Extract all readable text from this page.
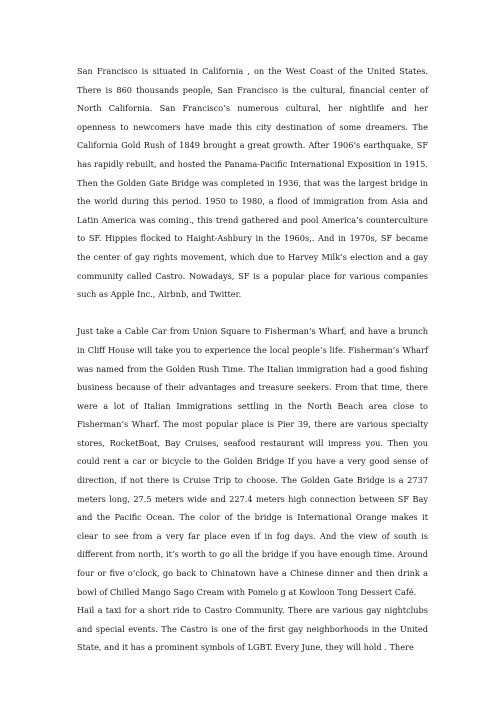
San Francisco is situated in California , on the West Coast of the United States. There is 860 thousands people, San Francisco is the cultural, financial center of North California. San Francisco’s numerous cultural, her nightlife and her openness to newcomers have made this city destination of some dreamers. The California Gold Rush of 1849 brought a great growth. After 1906’s earthquake, SF has rapidly rebuilt, and hosted the Panama-Pacific International Exposition in 1915. Then the Golden Gate Bridge was completed in 1936, that was the largest bridge in the world during this period. 1950 to 1980, a flood of immigration from Asia and Latin America was coming., this trend gathered and pool America’s counterculture to SF. Hippies flocked to Haight-Ashbury in the 1960s,. And in 1970s, SF became the center of gay rights movement, which due to Harvey Milk’s election and a gay community called Castro. Nowadays, SF is a popular place for various companies such as Apple Inc., Airbnb, and Twitter.

Just take a Cable Car from Union Square to Fisherman’s Wharf, and have a brunch in Cliff House will take you to experience the local people’s life. Fisherman’s Wharf was named from the Golden Rush Time. The Italian immigration had a good fishing business because of their advantages and treasure seekers. From that time, there were a lot of Italian Immigrations settling in the North Beach area close to Fisherman’s Wharf. The most popular place is Pier 39, there are various specialty stores, RocketBoat, Bay Cruises, seafood restaurant will impress you. Then you could rent a car or bicycle to the Golden Bridge If you have a very good sense of direction, if not there is Cruise Trip to choose. The Golden Gate Bridge is a 2737 meters long, 27.5 meters wide and 227.4 meters high connection between SF Bay and the Pacific Ocean. The color of the bridge is International Orange makes it clear to see from a very far place even if in fog days. And the view of south is different from north, it’s worth to go all the bridge if you have enough time. Around four or five o’clock, go back to Chinatown have a Chinese dinner and then drink a bowl of Chilled Mango Sago Cream with Pomelo g at Kowloon Tong Dessert Café.

Hail a taxi for a short ride to Castro Community. There are various gay nightclubs and special events. The Castro is one of the first gay neighborhoods in the United State, and it has a prominent symbols of LGBT. Every June, they will hold . There
